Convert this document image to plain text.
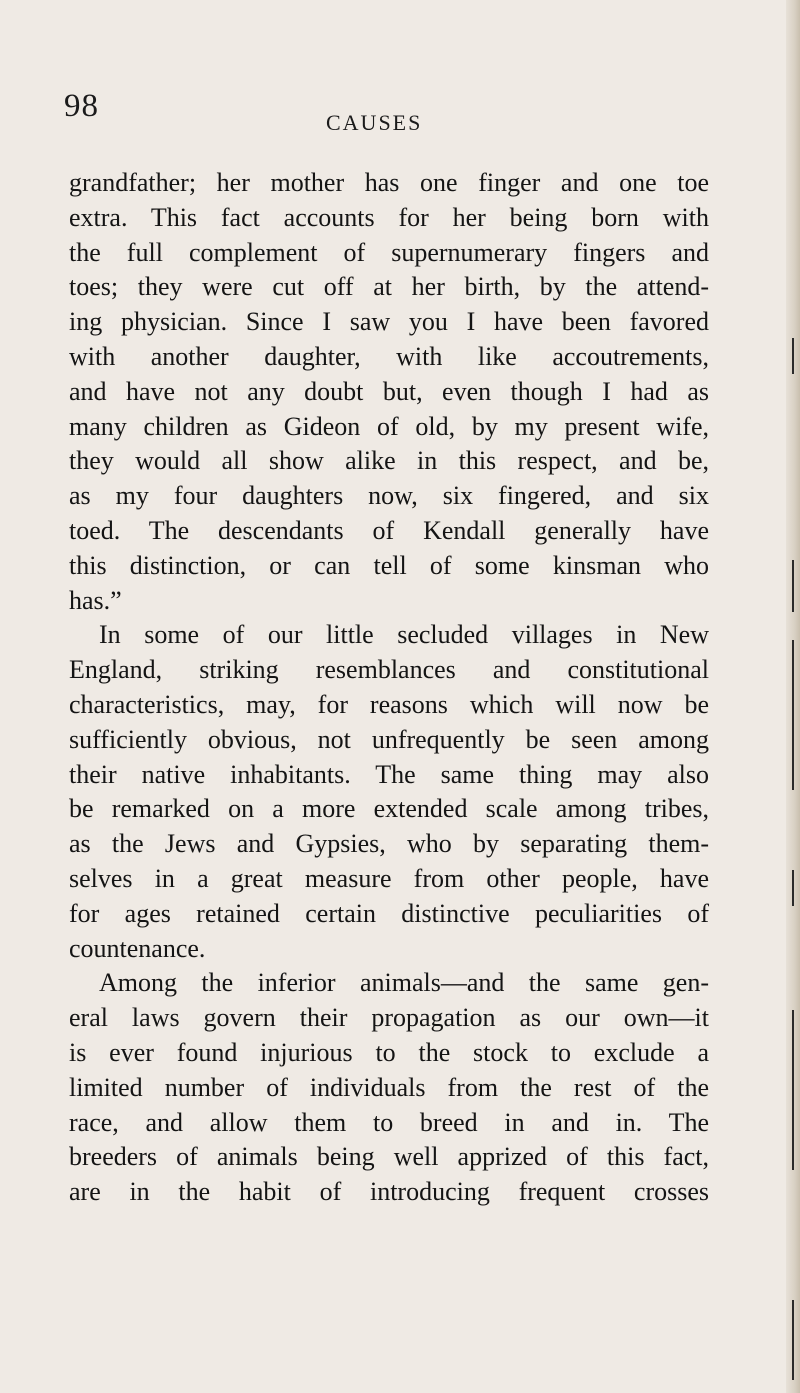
98	CAUSES
grandfather; her mother has one finger and one toe
extra. This fact accounts for her being born with
the full complement of supernumerary fingers and
toes; they were cut off at her birth, by the attend-
ing physician. Since I saw you I have been favored
with another daughter, with like accoutrements,
and have not any doubt but, even though I had as
many children as Gideon of old, by my present wife,
they would all show alike in this respect, and be,
as my four daughters now, six fingered, and six
toed. The descendants of Kendall generally have
this distinction, or can tell of some kinsman who
has.”
In some of our little secluded villages in New
England, striking resemblances and constitutional
characteristics, may, for reasons which will now be
sufficiently obvious, not unfrequently be seen among
their native inhabitants. The same thing may also
be remarked on a more extended scale among tribes,
as the Jews and Gypsies, who by separating them-
selves in a great measure from other people, have
for ages retained certain distinctive peculiarities of
countenance.
Among the inferior animals—and the same gen-
eral laws govern their propagation as our own—it
is ever found injurious to the stock to exclude a
limited number of individuals from the rest of the
race, and allow them to breed in and in. The
breeders of animals being well apprized of this fact,
are in the habit of introducing frequent crosses
